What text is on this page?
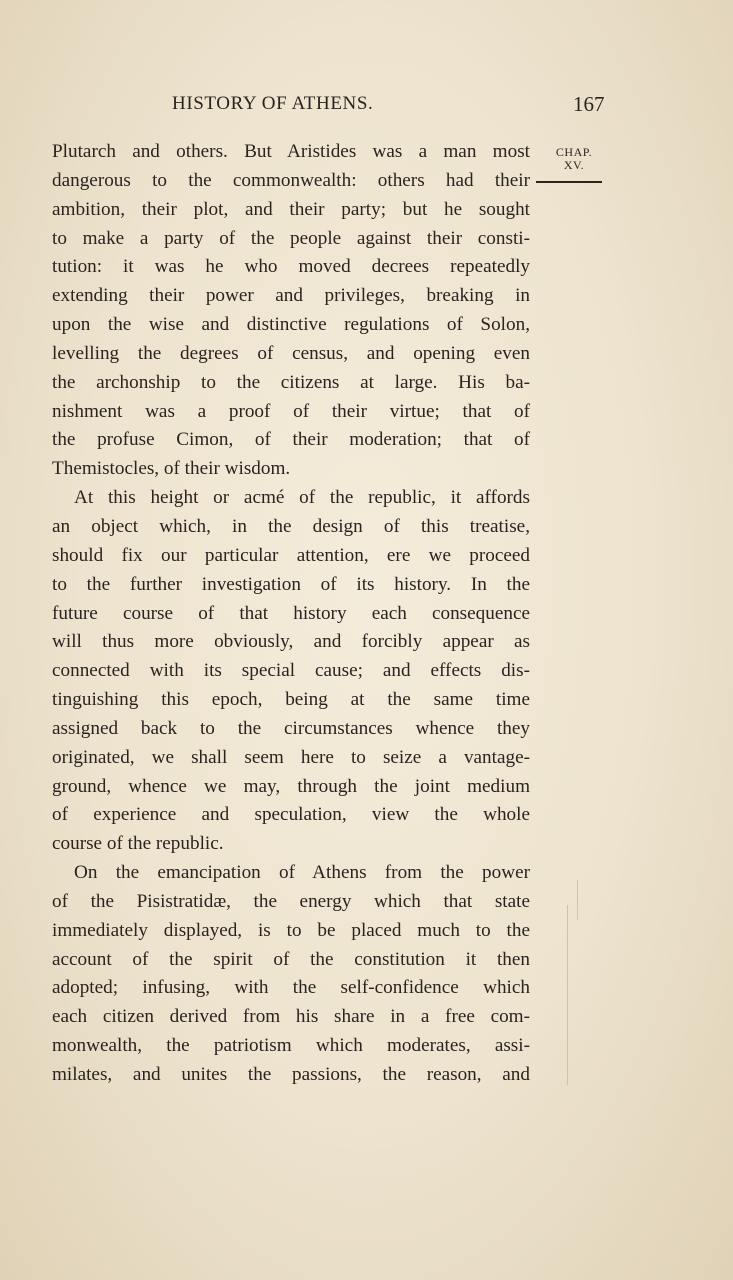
HISTORY OF ATHENS.	167
CHAP.
XV.
Plutarch and others. But Aristides was a man most
dangerous to the commonwealth: others had their
ambition, their plot, and their party; but he sought
to make a party of the people against their consti-
tution: it was he who moved decrees repeatedly
extending their power and privileges, breaking in
upon the wise and distinctive regulations of Solon,
levelling the degrees of census, and opening even
the archonship to the citizens at large. His ba-
nishment was a proof of their virtue; that of
the profuse Cimon, of their moderation; that of
Themistocles, of their wisdom.
At this height or acmé of the republic, it affords
an object which, in the design of this treatise,
should fix our particular attention, ere we proceed
to the further investigation of its history. In the
future course of that history each consequence
will thus more obviously, and forcibly appear as
connected with its special cause; and effects dis-
tinguishing this epoch, being at the same time
assigned back to the circumstances whence they
originated, we shall seem here to seize a vantage-
ground, whence we may, through the joint medium
of experience and speculation, view the whole
course of the republic.
On the emancipation of Athens from the power
of the Pisistratidæ, the energy which that state
immediately displayed, is to be placed much to the
account of the spirit of the constitution it then
adopted; infusing, with the self-confidence which
each citizen derived from his share in a free com-
monwealth, the patriotism which moderates, assi-
milates, and unites the passions, the reason, and
